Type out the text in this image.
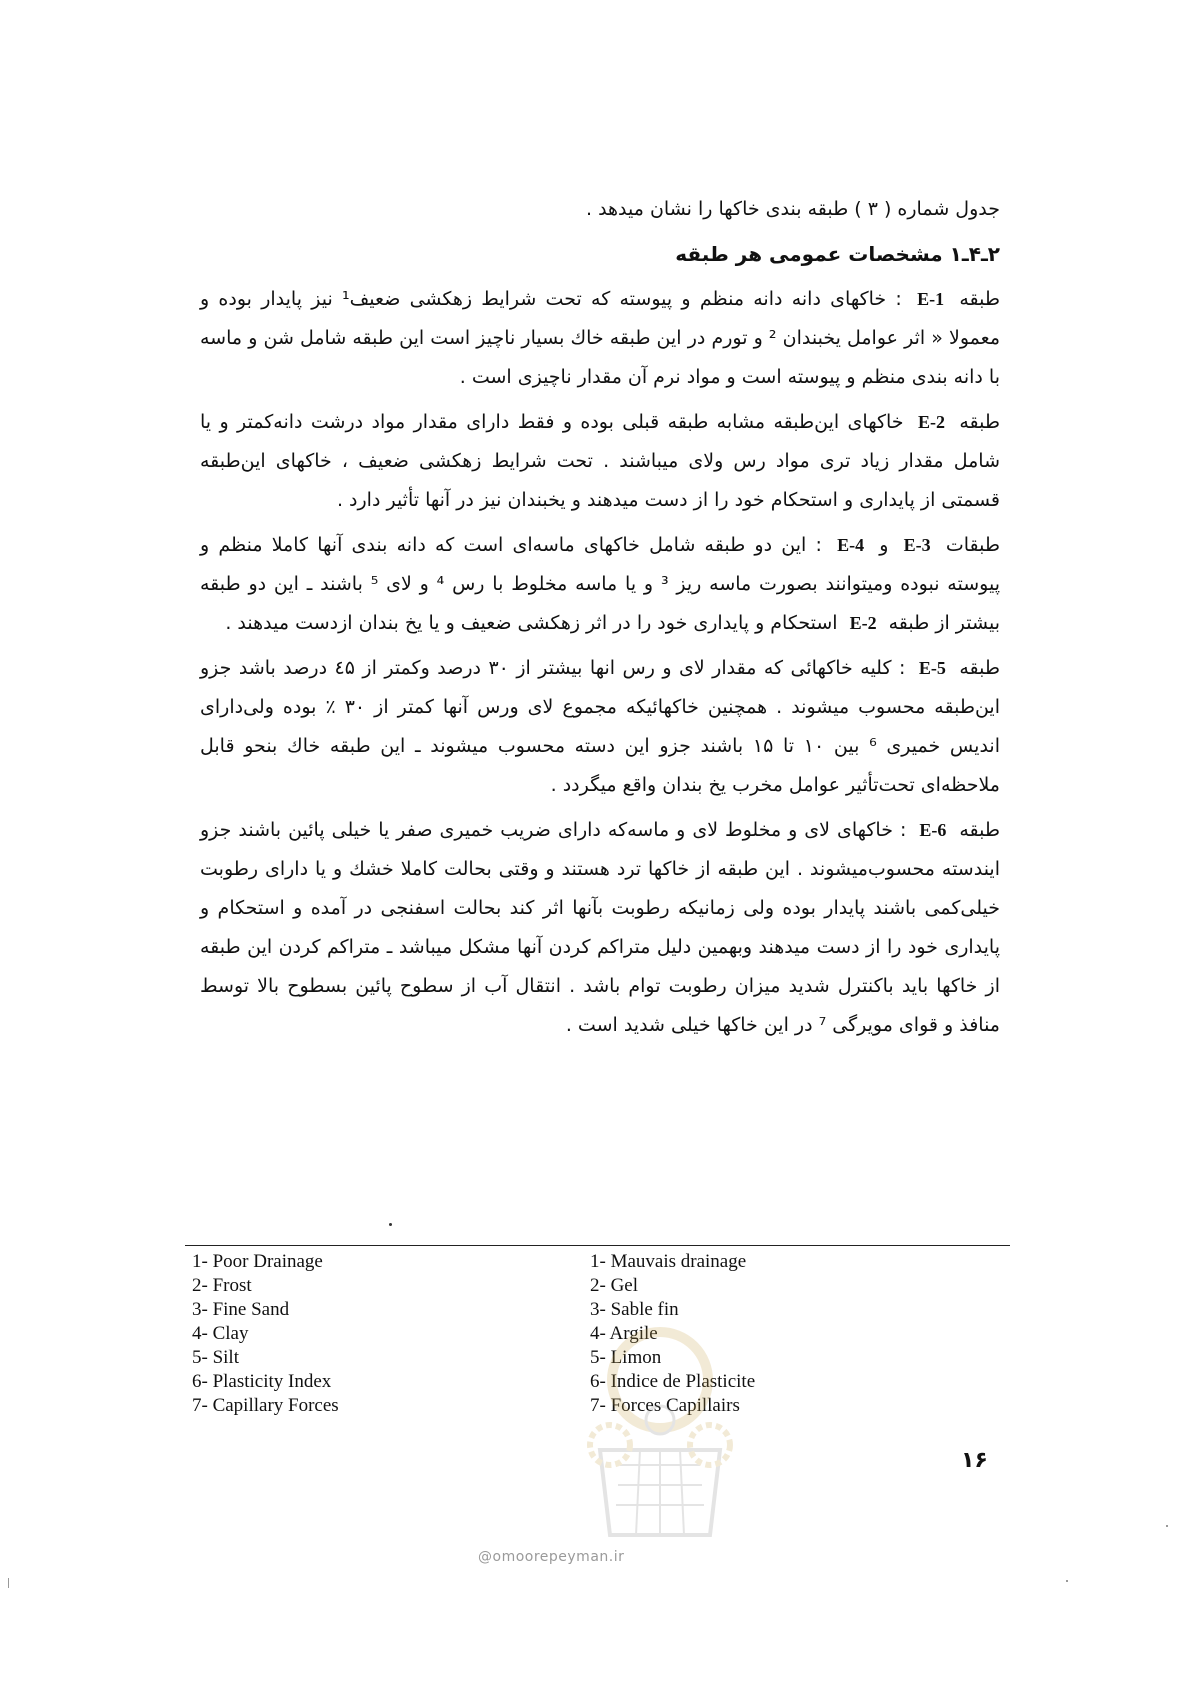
جدول شماره ( ۳ ) طبقه بندی خاکها را نشان میدهد .

۲ـ۴ـ۱ مشخصات عمومی هر طبقه

طبقه E-1 : خاکهای دانه دانه منظم و پیوسته که تحت شرایط زهکشی ضعیف¹ نیز پایدار بوده و معمولا « اثر عوامل یخبندان ² و تورم در این طبقه خاك بسیار ناچیز است این طبقه شامل شن و ماسه با دانه بندی منظم و پیوسته است و مواد نرم آن مقدار ناچیزی است .

طبقه E-2 خاکهای این‌طبقه مشابه طبقه قبلی بوده و فقط دارای مقدار مواد درشت دانه‌کمتر و یا شامل مقدار زیاد تری مواد رس ولای میباشند . تحت شرایط زهکشی ضعیف ، خاکهای این‌طبقه قسمتی از پایداری و استحکام خود را از دست میدهند و یخبندان نیز در آنها تأثیر دارد .

طبقات E-3 و E-4 : این دو طبقه شامل خاکهای ماسه‌ای است که دانه بندی آنها کاملا منظم و پیوسته نبوده ومیتوانند بصورت ماسه ریز ³ و یا ماسه مخلوط با رس ⁴ و لای ⁵ باشند ـ این دو طبقه بیشتر از طبقه E-2 استحکام و پایداری خود را در اثر زهکشی ضعیف و یا یخ بندان ازدست میدهند .

طبقه E-5 : کلیه خاکهائی که مقدار لای و رس انها بیشتر از ۳۰ درصد وکمتر از ٤۵ درصد باشد جزو این‌طبقه محسوب میشوند . همچنین خاکهائیکه مجموع لای ورس آنها کمتر از ۳۰ ٪ بوده ولی‌دارای اندیس خمیری ⁶ بین ۱۰ تا ۱۵ باشند جزو این دسته محسوب میشوند ـ این طبقه خاك بنحو قابل ملاحظه‌ای تحت‌تأثیر عوامل مخرب یخ بندان واقع میگردد .

طبقه E-6 : خاکهای لای و مخلوط لای و ماسه‌که دارای ضریب خمیری صفر یا خیلی پائین باشند جزو ایندسته محسوب‌میشوند . این طبقه از خاکها ترد هستند و وقتی بحالت کاملا خشك و یا دارای رطوبت خیلی‌کمی باشند پایدار بوده ولی زمانیکه رطوبت بآنها اثر کند بحالت اسفنجی در آمده و استحکام و پایداری خود را از دست میدهند وبهمین دلیل متراکم کردن آنها مشکل میباشد ـ متراکم کردن این طبقه از خاکها باید باکنترل شدید میزان رطوبت توام باشد . انتقال آب از سطوح پائین بسطوح بالا توسط منافذ و قوای مویرگی ⁷ در این خاکها خیلی شدید است .

1- Poor Drainage
2- Frost
3- Fine Sand
4- Clay
5- Silt
6- Plasticity Index
7- Capillary Forces
1- Mauvais drainage
2- Gel
3- Sable fin
4- Argile
5- Limon
6- Indice de Plasticite
7- Forces Capillairs
۱۶
@omoorepeyman.ir
